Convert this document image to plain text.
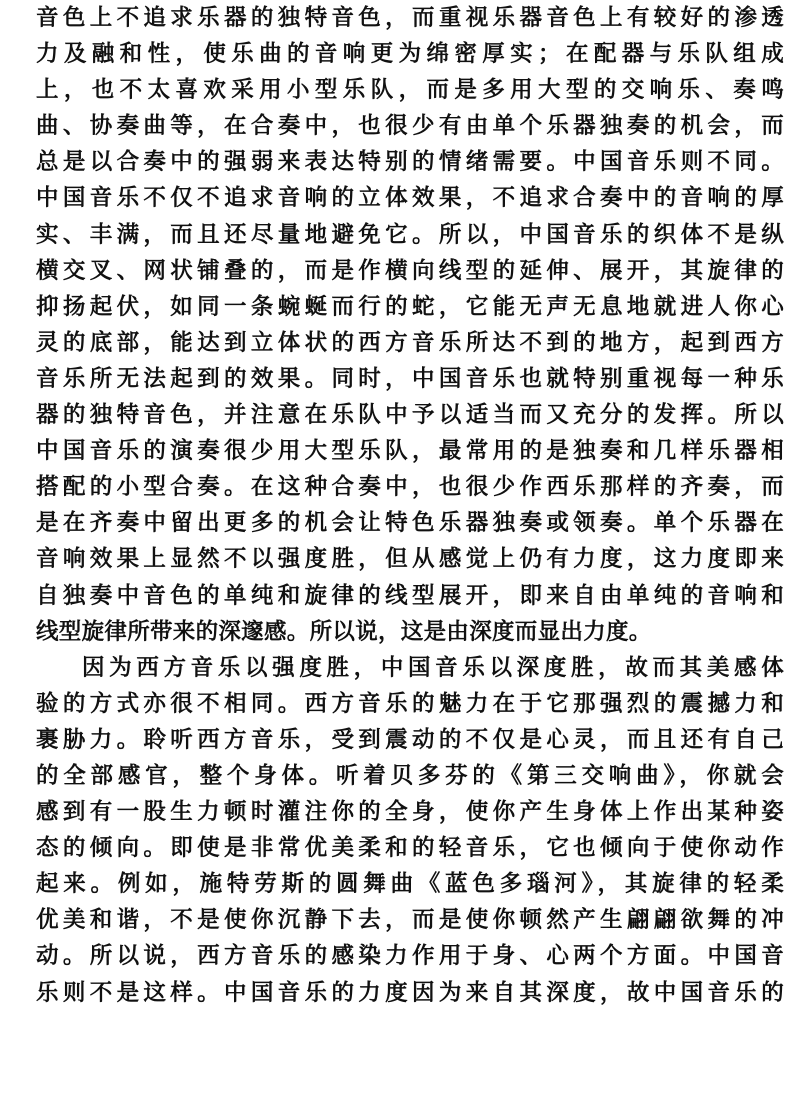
音色上不追求乐器的独特音色，而重视乐器音色上有较好的渗透
力及融和性，使乐曲的音响更为绵密厚实；在配器与乐队组成
上，也不太喜欢采用小型乐队，而是多用大型的交响乐、奏鸣
曲、协奏曲等，在合奏中，也很少有由单个乐器独奏的机会，而
总是以合奏中的强弱来表达特别的情绪需要。中国音乐则不同。
中国音乐不仅不追求音响的立体效果，不追求合奏中的音响的厚
实、丰满，而且还尽量地避免它。所以，中国音乐的织体不是纵
横交叉、网状铺叠的，而是作横向线型的延伸、展开，其旋律的
抑扬起伏，如同一条蜿蜒而行的蛇，它能无声无息地就进人你心
灵的底部，能达到立体状的西方音乐所达不到的地方，起到西方
音乐所无法起到的效果。同时，中国音乐也就特别重视每一种乐
器的独特音色，并注意在乐队中予以适当而又充分的发挥。所以
中国音乐的演奏很少用大型乐队，最常用的是独奏和几样乐器相
搭配的小型合奏。在这种合奏中，也很少作西乐那样的齐奏，而
是在齐奏中留出更多的机会让特色乐器独奏或领奏。单个乐器在
音响效果上显然不以强度胜，但从感觉上仍有力度，这力度即来
自独奏中音色的单纯和旋律的线型展开，即来自由单纯的音响和
线型旋律所带来的深邃感。所以说，这是由深度而显出力度。
因为西方音乐以强度胜，中国音乐以深度胜，故而其美感体
验的方式亦很不相同。西方音乐的魅力在于它那强烈的震撼力和
裹胁力。聆听西方音乐，受到震动的不仅是心灵，而且还有自己
的全部感官，整个身体。听着贝多芬的《第三交响曲》，你就会
感到有一股生力顿时灌注你的全身，使你产生身体上作出某种姿
态的倾向。即使是非常优美柔和的轻音乐，它也倾向于使你动作
起来。例如，施特劳斯的圆舞曲《蓝色多瑙河》，其旋律的轻柔
优美和谐，不是使你沉静下去，而是使你顿然产生翩翩欲舞的冲
动。所以说，西方音乐的感染力作用于身、心两个方面。中国音
乐则不是这样。中国音乐的力度因为来自其深度，故中国音乐的
